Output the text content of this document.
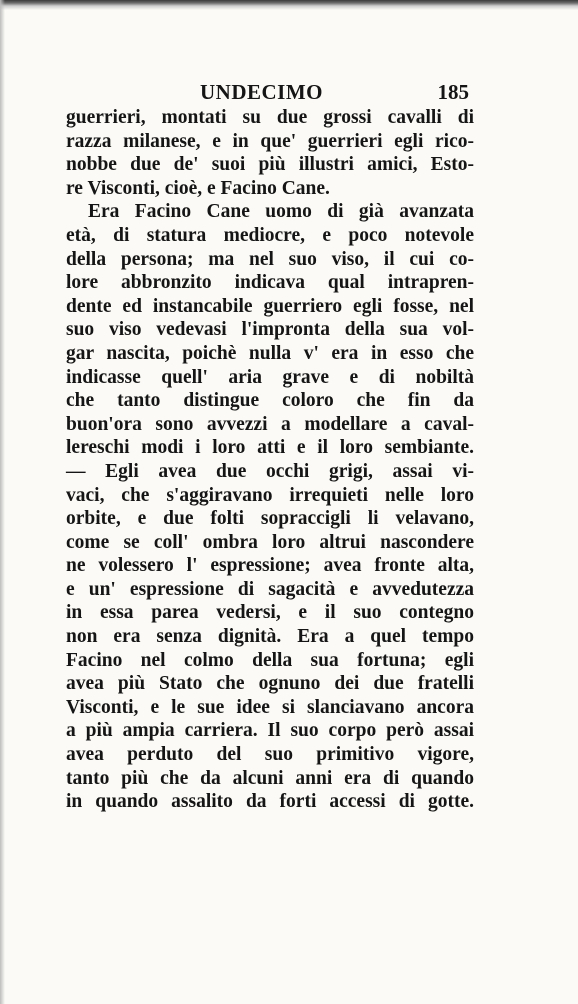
UNDECIMO	185
guerrieri, montati su due grossi cavalli di
razza milanese, e in que' guerrieri egli rico-
nobbe due de' suoi più illustri amici, Esto-
re Visconti, cioè, e Facino Cane.
Era Facino Cane uomo di già avanzata
età, di statura mediocre, e poco notevole
della persona; ma nel suo viso, il cui co-
lore abbronzito indicava qual intrapren-
dente ed instancabile guerriero egli fosse, nel
suo viso vedevasi l'impronta della sua vol-
gar nascita, poichè nulla v' era in esso che
indicasse quell' aria grave e di nobiltà
che tanto distingue coloro che fin da
buon'ora sono avvezzi a modellare a caval-
lereschi modi i loro atti e il loro sembiante.
— Egli avea due occhi grigi, assai vi-
vaci, che s'aggiravano irrequieti nelle loro
orbite, e due folti sopraccigli li velavano,
come se coll' ombra loro altrui nascondere
ne volessero l' espressione; avea fronte alta,
e un' espressione di sagacità e avvedutezza
in essa parea vedersi, e il suo contegno
non era senza dignità. Era a quel tempo
Facino nel colmo della sua fortuna; egli
avea più Stato che ognuno dei due fratelli
Visconti, e le sue idee si slanciavano ancora
a più ampia carriera. Il suo corpo però assai
avea perduto del suo primitivo vigore,
tanto più che da alcuni anni era di quando
in quando assalito da forti accessi di gotte.
